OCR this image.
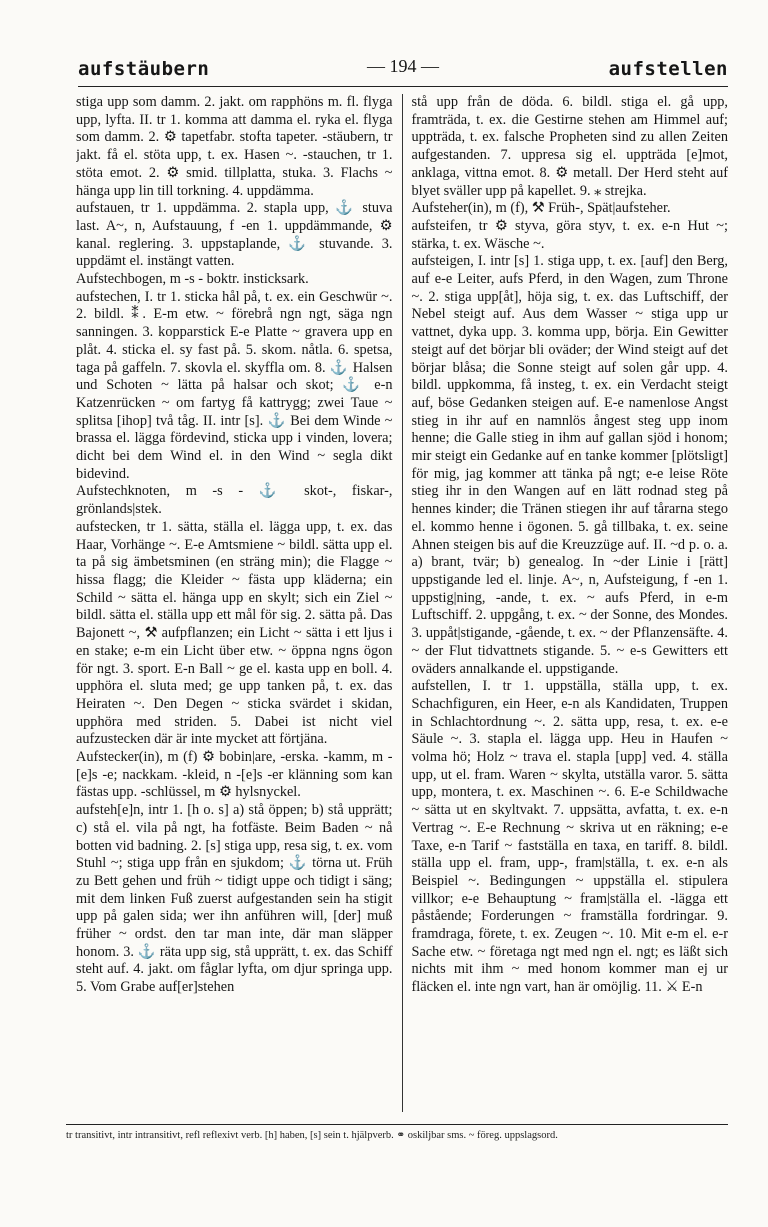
aufstäubern	— 194 —	aufstellen

stiga upp som damm. 2. jakt. om rapphöns m. fl. flyga upp, lyfta. II. tr 1. komma att damma el. ryka el. flyga som damm. 2. ⚙ tapetfabr. stofta tapeter. -stäubern, tr jakt. få el. stöta upp, t. ex. Hasen ~. -stauchen, tr 1. stöta emot. 2. ⚙ smid. tillplatta, stuka. 3. Flachs ~ hänga upp lin till torkning. 4. uppdämma.

aufstauen, tr 1. uppdämma. 2. stapla upp, ⚓ stuva last. A~, n, Aufstauung, f -en 1. uppdämmande, ⚙ kanal. reglering. 3. uppstaplande, ⚓ stuvande. 3. uppdämt el. instängt vatten.

Aufstechbogen, m -s - boktr. insticksark.

aufstechen, I. tr 1. sticka hål på, t. ex. ein Geschwür ~. 2. bildl. ⁑. E-m etw. ~ förebrå ngn ngt, säga ngn sanningen. 3. kopparstick E-e Platte ~ gravera upp en plåt. 4. sticka el. sy fast på. 5. skom. nåtla. 6. spetsa, taga på gaffeln. 7. skovla el. skyffla om. 8. ⚓ Halsen und Schoten ~ lätta på halsar och skot; ⚓ e-n Katzenrücken ~ om fartyg få kattrygg; zwei Taue ~ splitsa [ihop] två tåg. II. intr [s]. ⚓ Bei dem Winde ~ brassa el. lägga fördevind, sticka upp i vinden, lovera; dicht bei dem Wind el. in den Wind ~ segla dikt bidevind.

Aufstechknoten, m -s - ⚓ skot-, fiskar-, grönlands|stek.

aufstecken, tr 1. sätta, ställa el. lägga upp, t. ex. das Haar, Vorhänge ~. E-e Amtsmiene ~ bildl. sätta upp el. ta på sig ämbetsminen (en sträng min); die Flagge ~ hissa flagg; die Kleider ~ fästa upp kläderna; ein Schild ~ sätta el. hänga upp en skylt; sich ein Ziel ~ bildl. sätta el. ställa upp ett mål för sig. 2. sätta på. Das Bajonett ~, ⚒ aufpflanzen; ein Licht ~ sätta i ett ljus i en stake; e-m ein Licht über etw. ~ öppna ngns ögon för ngt. 3. sport. E-n Ball ~ ge el. kasta upp en boll. 4. upphöra el. sluta med; ge upp tanken på, t. ex. das Heiraten ~. Den Degen ~ sticka svärdet i skidan, upphöra med striden. 5. Dabei ist nicht viel aufzustecken där är inte mycket att förtjäna.

Aufstecker(in), m (f) ⚙ bobin|are, -erska. -kamm, m -[e]s -e; nackkam. -kleid, n -[e]s -er klänning som kan fästas upp. -schlüssel, m ⚙ hylsnyckel.

aufsteh[e]n, intr 1. [h o. s] a) stå öppen; b) stå upprätt; c) stå el. vila på ngt, ha fotfäste. Beim Baden ~ nå botten vid badning. 2. [s] stiga upp, resa sig, t. ex. vom Stuhl ~; stiga upp från en sjukdom; ⚓ törna ut. Früh zu Bett gehen und früh ~ tidigt uppe och tidigt i säng; mit dem linken Fuß zuerst aufgestanden sein ha stigit upp på galen sida; wer ihn anführen will, [der] muß früher ~ ordst. den tar man inte, där man släpper honom. 3. ⚓ räta upp sig, stå upprätt, t. ex. das Schiff steht auf. 4. jakt. om fåglar lyfta, om djur springa upp. 5. Vom Grabe auf[er]stehen

stå upp från de döda. 6. bildl. stiga el. gå upp, framträda, t. ex. die Gestirne stehen am Himmel auf; uppträda, t. ex. falsche Propheten sind zu allen Zeiten aufgestanden. 7. uppresa sig el. uppträda [e]mot, anklaga, vittna emot. 8. ⚙ metall. Der Herd steht auf blyet sväller upp på kapellet. 9. ⁎ strejka.

Aufsteher(in), m (f), ⚒ Früh-, Spät|aufsteher.

aufsteifen, tr ⚙ styva, göra styv, t. ex. e-n Hut ~; stärka, t. ex. Wäsche ~.

aufsteigen, I. intr [s] 1. stiga upp, t. ex. [auf] den Berg, auf e-e Leiter, aufs Pferd, in den Wagen, zum Throne ~. 2. stiga upp[åt], höja sig, t. ex. das Luftschiff, der Nebel steigt auf. Aus dem Wasser ~ stiga upp ur vattnet, dyka upp. 3. komma upp, börja. Ein Gewitter steigt auf det börjar bli oväder; der Wind steigt auf det börjar blåsa; die Sonne steigt auf solen går upp. 4. bildl. uppkomma, få insteg, t. ex. ein Verdacht steigt auf, böse Gedanken steigen auf. E-e namenlose Angst stieg in ihr auf en namnlös ångest steg upp inom henne; die Galle stieg in ihm auf gallan sjöd i honom; mir steigt ein Gedanke auf en tanke kommer [plötsligt] för mig, jag kommer att tänka på ngt; e-e leise Röte stieg ihr in den Wangen auf en lätt rodnad steg på hennes kinder; die Tränen stiegen ihr auf tårarna stego el. kommo henne i ögonen. 5. gå tillbaka, t. ex. seine Ahnen steigen bis auf die Kreuzzüge auf. II. ~d p. o. a. a) brant, tvär; b) genealog. In ~der Linie i [rätt] uppstigande led el. linje. A~, n, Aufsteigung, f -en 1. uppstig|ning, -ande, t. ex. ~ aufs Pferd, in e-m Luftschiff. 2. uppgång, t. ex. ~ der Sonne, des Mondes. 3. uppåt|stigande, -gående, t. ex. ~ der Pflanzensäfte. 4. ~ der Flut tidvattnets stigande. 5. ~ e-s Gewitters ett oväders annalkande el. uppstigande.

aufstellen, I. tr 1. uppställa, ställa upp, t. ex. Schachfiguren, ein Heer, e-n als Kandidaten, Truppen in Schlachtordnung ~. 2. sätta upp, resa, t. ex. e-e Säule ~. 3. stapla el. lägga upp. Heu in Haufen ~ volma hö; Holz ~ trava el. stapla [upp] ved. 4. ställa upp, ut el. fram. Waren ~ skylta, utställa varor. 5. sätta upp, montera, t. ex. Maschinen ~. 6. E-e Schildwache ~ sätta ut en skyltvakt. 7. uppsätta, avfatta, t. ex. e-n Vertrag ~. E-e Rechnung ~ skriva ut en räkning; e-e Taxe, e-n Tarif ~ fastställa en taxa, en tariff. 8. bildl. ställa upp el. fram, upp-, fram|ställa, t. ex. e-n als Beispiel ~. Bedingungen ~ uppställa el. stipulera villkor; e-e Behauptung ~ fram|ställa el. -lägga ett påstående; Forderungen ~ framställa fordringar. 9. framdraga, förete, t. ex. Zeugen ~. 10. Mit e-m el. e-r Sache etw. ~ företaga ngt med ngn el. ngt; es läßt sich nichts mit ihm ~ med honom kommer man ej ur fläcken el. inte ngn vart, han är omöjlig. 11. ⚔ E-n

tr transitivt, intr intransitivt, refl reflexivt verb. [h] haben, [s] sein t. hjälpverb. ⚭ oskiljbar sms. ~ föreg. uppslagsord.
